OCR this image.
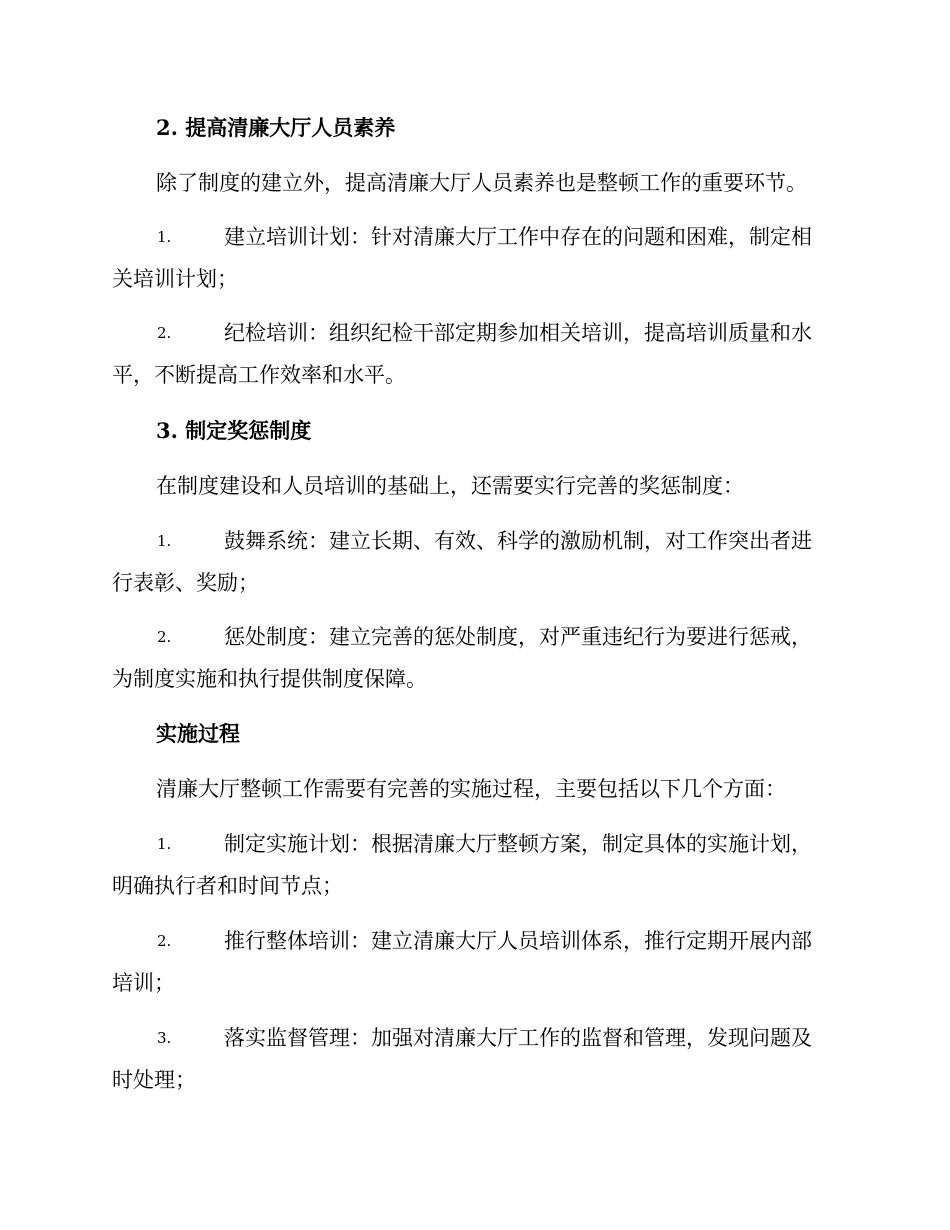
2. 提高清廉大厅人员素养
除了制度的建立外，提高清廉大厅人员素养也是整顿工作的重要环节。
1.	建立培训计划：针对清廉大厅工作中存在的问题和困难，制定相
关培训计划；
2.	纪检培训：组织纪检干部定期参加相关培训，提高培训质量和水
平，不断提高工作效率和水平。
3. 制定奖惩制度
在制度建设和人员培训的基础上，还需要实行完善的奖惩制度：
1.	鼓舞系统：建立长期、有效、科学的激励机制，对工作突出者进
行表彰、奖励；
2.	惩处制度：建立完善的惩处制度，对严重违纪行为要进行惩戒，
为制度实施和执行提供制度保障。
实施过程
清廉大厅整顿工作需要有完善的实施过程，主要包括以下几个方面：
1.	制定实施计划：根据清廉大厅整顿方案，制定具体的实施计划，
明确执行者和时间节点；
2.	推行整体培训：建立清廉大厅人员培训体系，推行定期开展内部
培训；
3.	落实监督管理：加强对清廉大厅工作的监督和管理，发现问题及
时处理；
